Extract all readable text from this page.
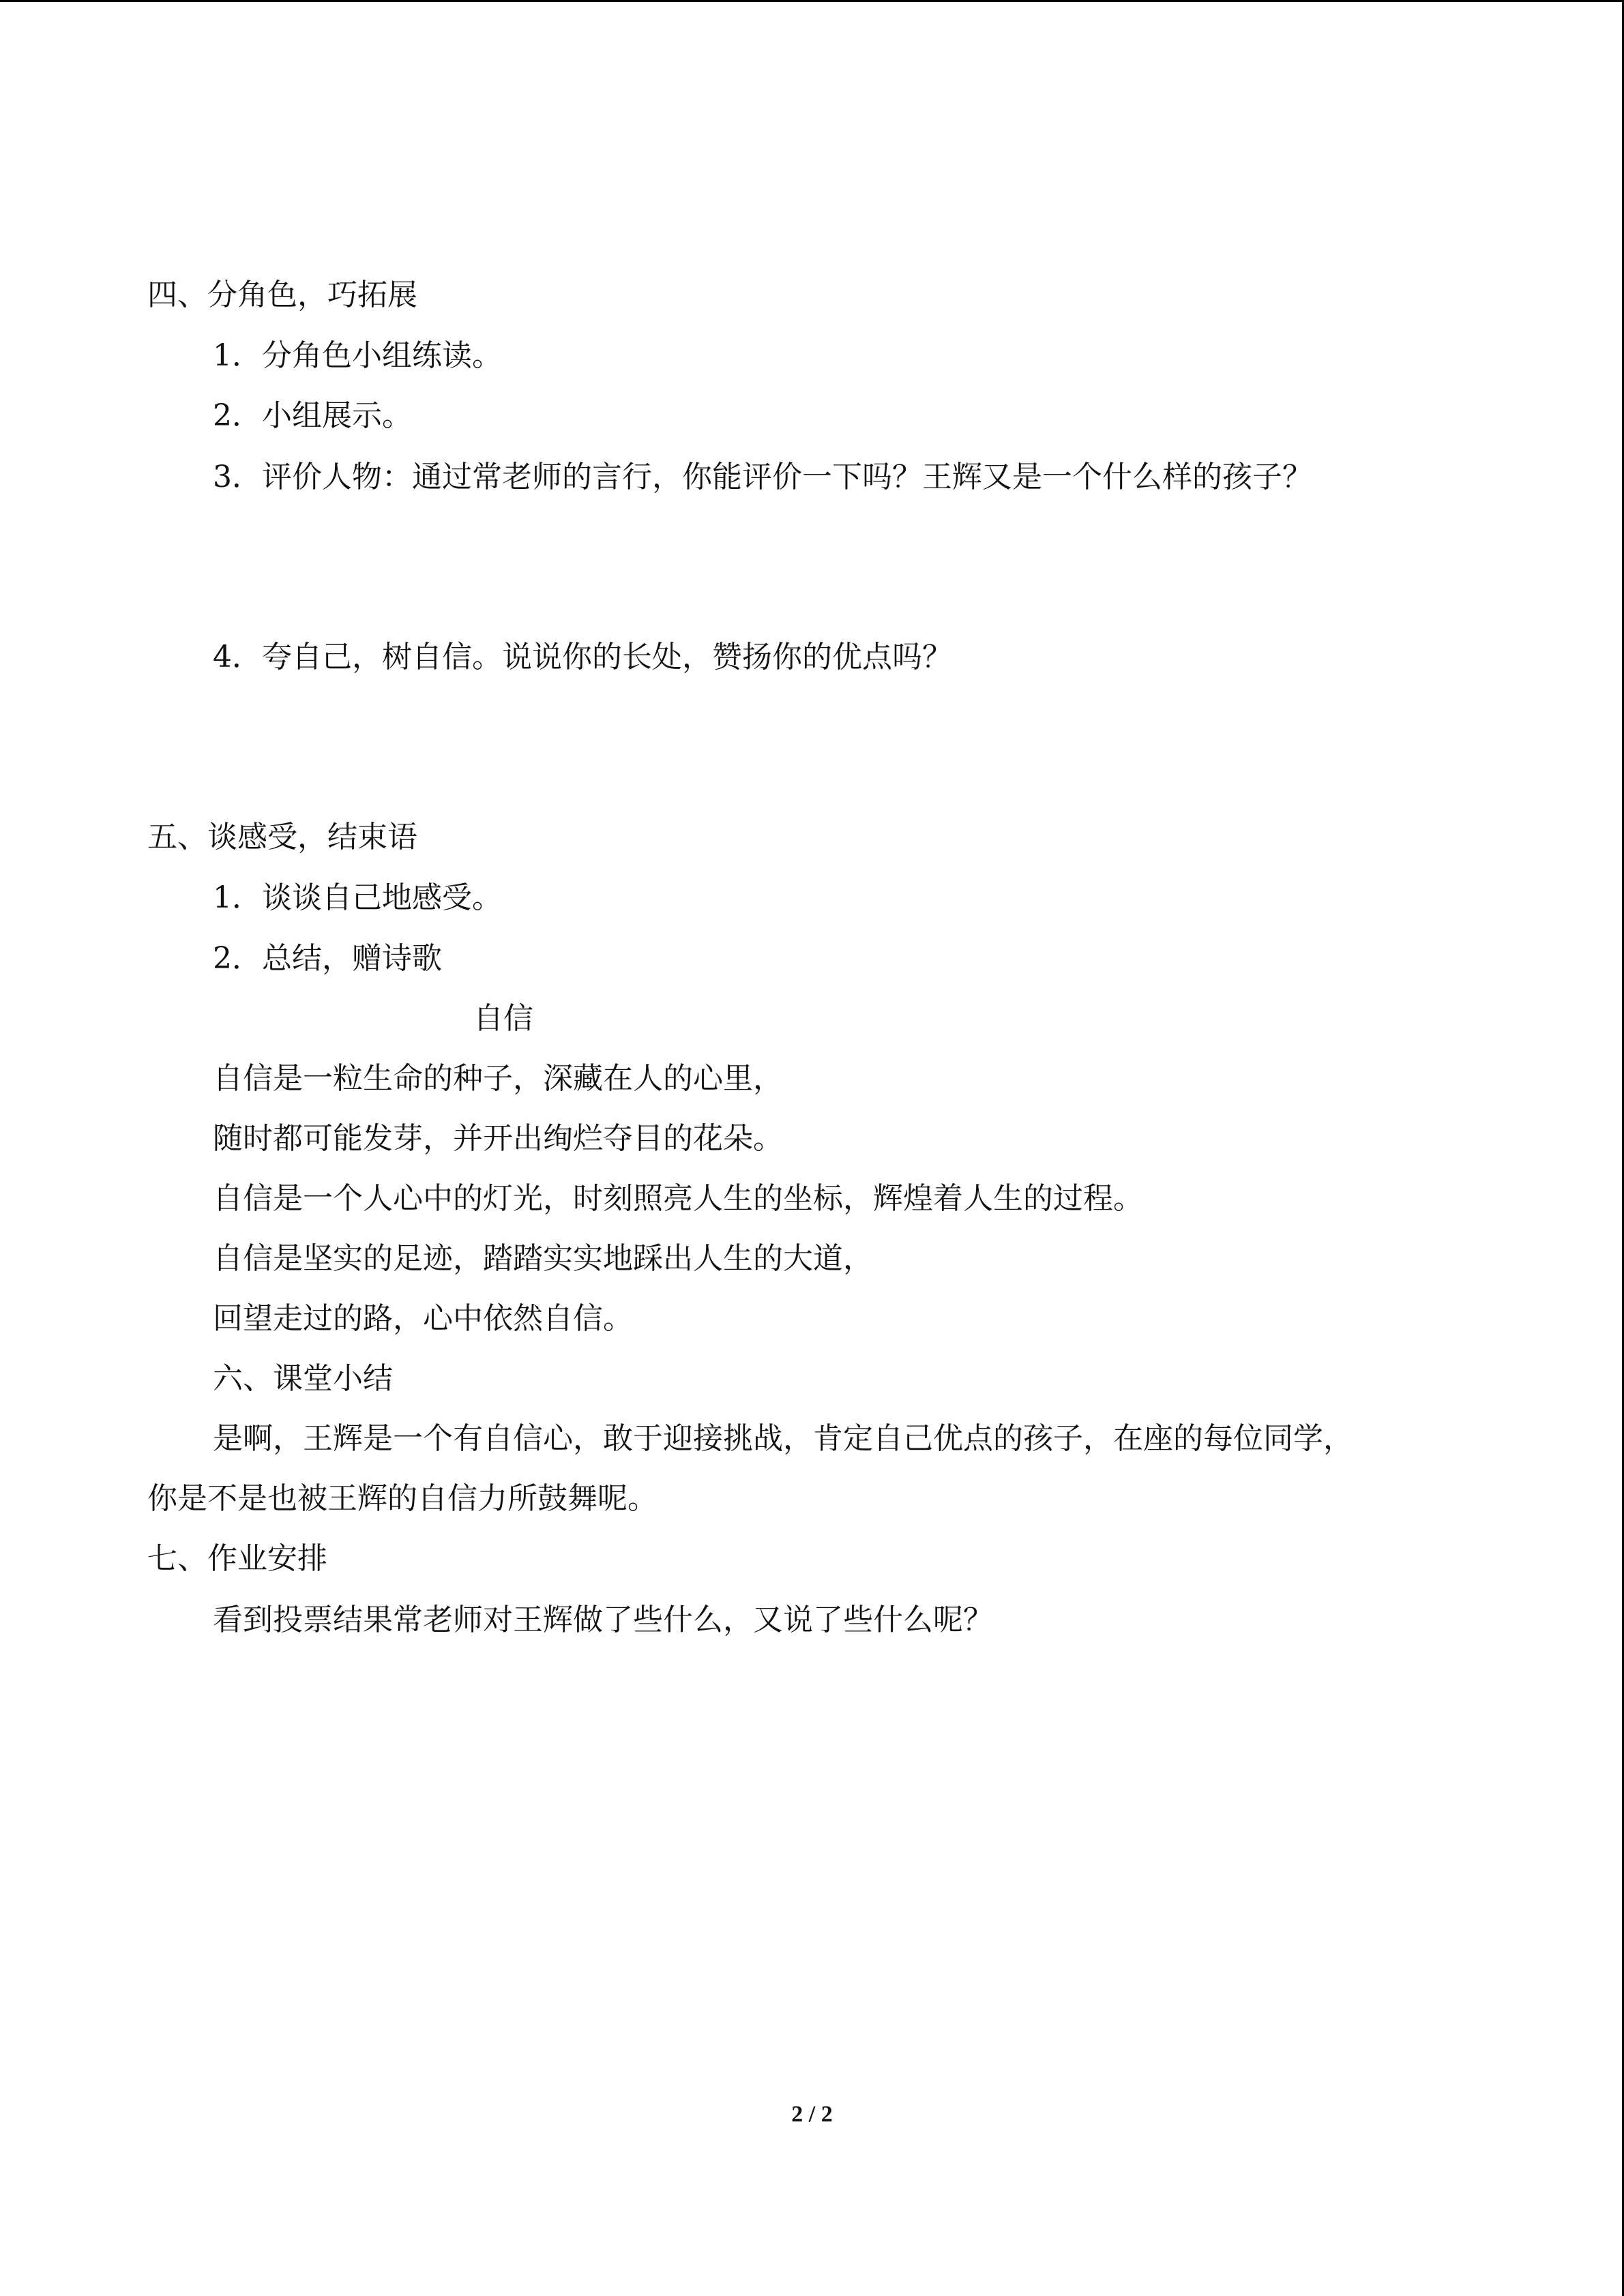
四、分角色，巧拓展
1．分角色小组练读。
2．小组展示。
3．评价人物：通过常老师的言行，你能评价一下吗？王辉又是一个什么样的孩子？
4．夸自己，树自信。说说你的长处，赞扬你的优点吗？
五、谈感受，结束语
1．谈谈自己地感受。
2．总结，赠诗歌
自信
自信是一粒生命的种子，深藏在人的心里，
随时都可能发芽，并开出绚烂夺目的花朵。
自信是一个人心中的灯光，时刻照亮人生的坐标，辉煌着人生的过程。
自信是坚实的足迹，踏踏实实地踩出人生的大道，
回望走过的路，心中依然自信。
六、课堂小结
是啊，王辉是一个有自信心，敢于迎接挑战，肯定自己优点的孩子，在座的每位同学，
你是不是也被王辉的自信力所鼓舞呢。
七、作业安排
看到投票结果常老师对王辉做了些什么，又说了些什么呢？
2 / 2
